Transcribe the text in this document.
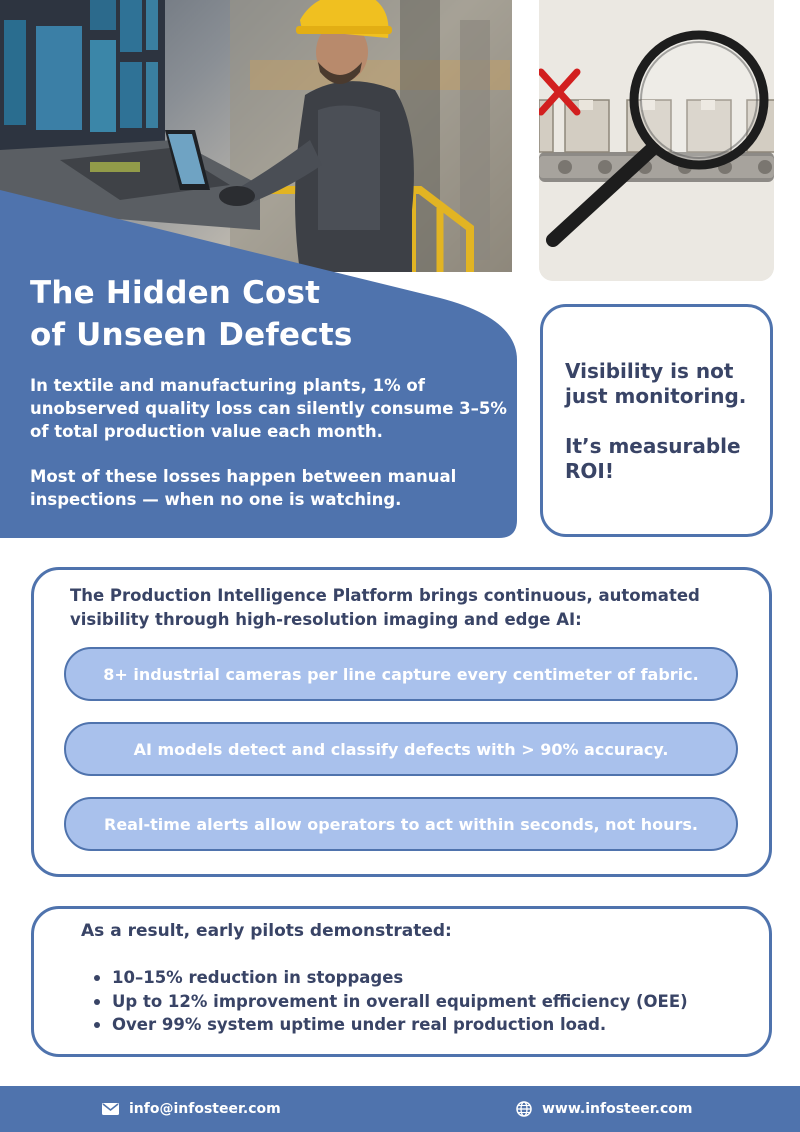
The Hidden Cost
of Unseen Defects

In textile and manufacturing plants, 1% of unobserved quality loss can silently consume 3–5% of total production value each month.

Most of these losses happen between manual inspections — when no one is watching.

Visibility is not just monitoring.

It’s measurable ROI!

The Production Intelligence Platform brings continuous, automated visibility through high-resolution imaging and edge AI:

8+ industrial cameras per line capture every centimeter of fabric.
AI models detect and classify defects with > 90% accuracy.
Real-time alerts allow operators to act within seconds, not hours.

As a result, early pilots demonstrated:

10–15% reduction in stoppages
Up to 12% improvement in overall equipment efficiency (OEE)
Over 99% system uptime under real production load.
info@infosteer.com	www.infosteer.com
